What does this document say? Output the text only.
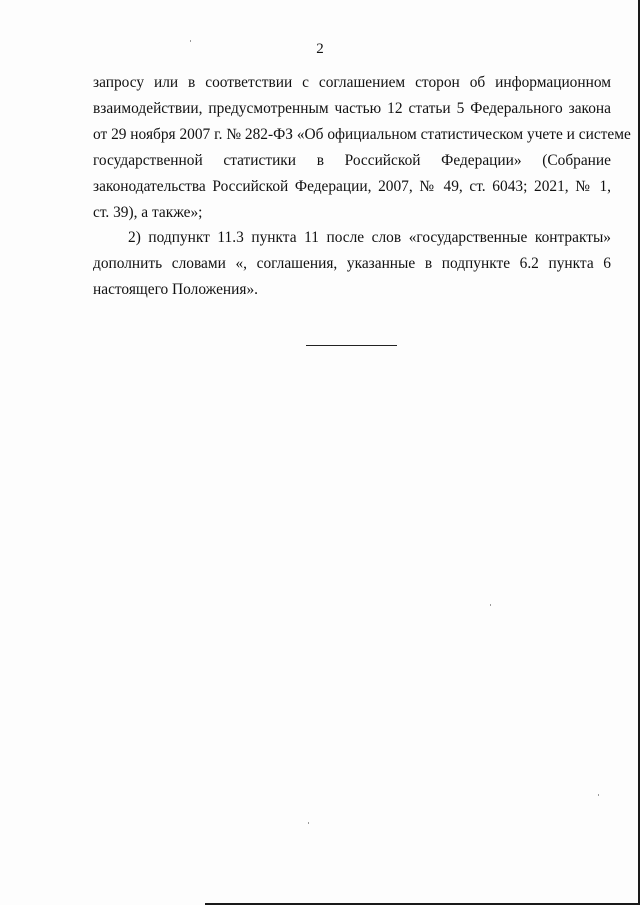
2
запросу или в соответствии с соглашением сторон об информационном
взаимодействии, предусмотренным частью 12 статьи 5 Федерального закона
от 29 ноября 2007 г. № 282-ФЗ «Об официальном статистическом учете и системе
государственной статистики в Российской Федерации» (Собрание
законодательства Российской Федерации, 2007, № 49, ст. 6043; 2021, № 1,
ст. 39), а также»;
2) подпункт 11.3 пункта 11 после слов «государственные контракты»
дополнить словами «, соглашения, указанные в подпункте 6.2 пункта 6
настоящего Положения».
